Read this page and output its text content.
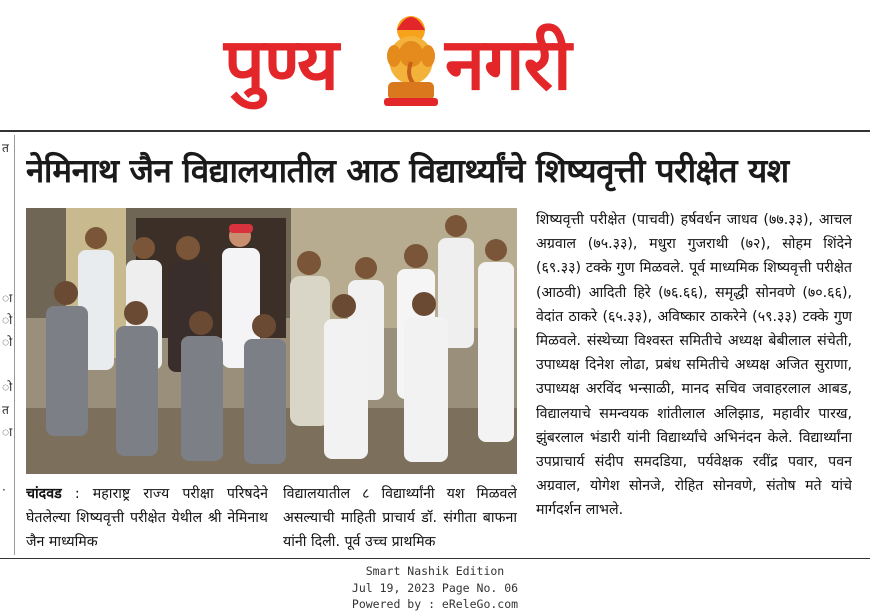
पुण्य नगरी
त
ा
ो
ो
ो
त
ा
·
नेमिनाथ जैन विद्यालयातील आठ विद्यार्थ्यांचे शिष्यवृत्ती परीक्षेत यश
शिष्यवृत्ती परीक्षेत (पाचवी) हर्षवर्धन जाधव (७७.३३), आचल अग्रवाल (७५.३३), मधुरा गुजराथी (७२), सोहम शिंदेने (६९.३३) टक्के गुण मिळवले. पूर्व माध्यमिक शिष्यवृत्ती परीक्षेत (आठवी) आदिती हिरे (७६.६६), समृद्धी सोनवणे (७०.६६), वेदांत ठाकरे (६५.३३), अविष्कार ठाकरेने (५९.३३) टक्के गुण मिळवले. संस्थेच्या विश्वस्त समितीचे अध्यक्ष बेबीलाल संचेती, उपाध्यक्ष दिनेश लोढा, प्रबंध समितीचे अध्यक्ष अजित सुराणा, उपाध्यक्ष अरविंद भन्साळी, मानद सचिव जवाहरलाल आबड, विद्यालयाचे समन्वयक शांतीलाल अलिझाड, महावीर पारख, झुंबरलाल भंडारी यांनी विद्यार्थ्यांचे अभिनंदन केले. विद्यार्थ्यांना उपप्राचार्य संदीप समदडिया, पर्यवेक्षक रवींद्र पवार, पवन अग्रवाल, योगेश सोनजे, रोहित सोनवणे, संतोष मते यांचे मार्गदर्शन लाभले.
चांदवड : महाराष्ट्र राज्य परीक्षा परिषदेने घेतलेल्या शिष्यवृत्ती परीक्षेत येथील श्री नेमिनाथ जैन माध्यमिक
विद्यालयातील ८ विद्यार्थ्यांनी यश मिळवले असल्याची माहिती प्राचार्य डॉ. संगीता बाफना यांनी दिली. पूर्व उच्च प्राथमिक
Smart Nashik Edition
Jul 19, 2023 Page No. 06
Powered by : eReleGo.com
